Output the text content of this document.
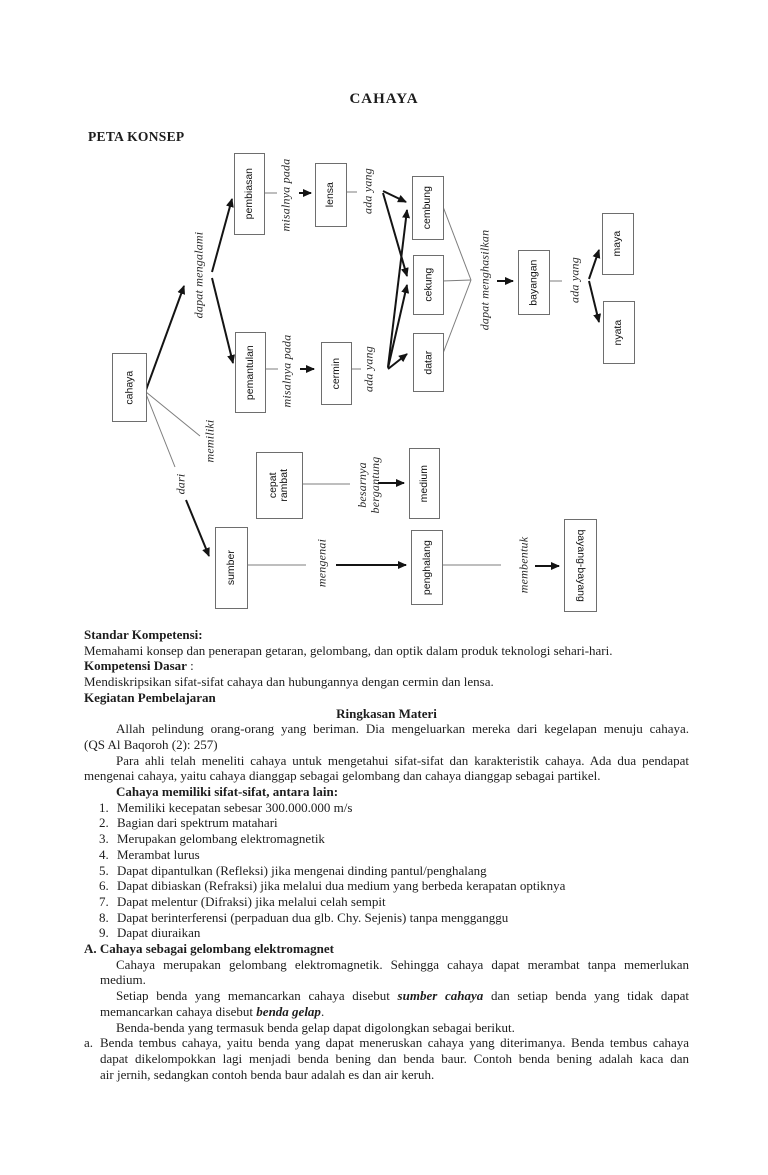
CAHAYA
PETA KONSEP
cahaya
pembiasan
pemantulan
lensa
cermin
cembung
cekung
datar
bayangan
maya
nyata
cepat
rambat	medium
sumber	penghalang	bayang-bayang
dapat mengalami
misalnya pada
misalnya pada
ada yang
ada yang
dapat menghasilkan	ada yang
memiliki
dari	besarnya
bergantung
mengenai	membentuk

Standar Kompetensi:

Memahami konsep dan penerapan getaran, gelombang, dan optik dalam produk teknologi sehari-hari.

Kompetensi Dasar :

Mendiskripsikan sifat-sifat cahaya dan hubungannya dengan cermin dan lensa.

Kegiatan Pembelajaran

Ringkasan Materi

Allah pelindung orang-orang yang beriman. Dia mengeluarkan mereka dari kegelapan menuju cahaya.
(QS Al Baqoroh (2): 257)
Para ahli telah meneliti cahaya untuk mengetahui sifat-sifat dan karakteristik cahaya. Ada dua pendapat
mengenai cahaya, yaitu cahaya dianggap sebagai gelombang dan cahaya dianggap sebagai partikel.

Cahaya memiliki sifat-sifat, antara lain:

1. Memiliki kecepatan sebesar 300.000.000 m/s
2. Bagian dari spektrum matahari
3. Merupakan gelombang elektromagnetik
4. Merambat lurus
5. Dapat dipantulkan (Refleksi) jika mengenai dinding pantul/penghalang
6. Dapat dibiaskan (Refraksi) jika melalui dua medium yang berbeda kerapatan optiknya
7. Dapat melentur (Difraksi) jika melalui celah sempit
8. Dapat berinterferensi (perpaduan dua glb. Chy. Sejenis) tanpa mengganggu
9. Dapat diuraikan

A. Cahaya sebagai gelombang elektromagnet

Cahaya merupakan gelombang elektromagnetik. Sehingga cahaya dapat merambat tanpa memerlukan
medium.
Setiap benda yang memancarkan cahaya disebut sumber cahaya dan setiap benda yang tidak dapat
memancarkan cahaya disebut benda gelap.
Benda-benda yang termasuk benda gelap dapat digolongkan sebagai berikut.
a. Benda tembus cahaya, yaitu benda yang dapat meneruskan cahaya yang diterimanya. Benda tembus cahaya
dapat dikelompokkan lagi menjadi benda bening dan benda baur. Contoh benda bening adalah kaca dan
air jernih, sedangkan contoh benda baur adalah es dan air keruh.
